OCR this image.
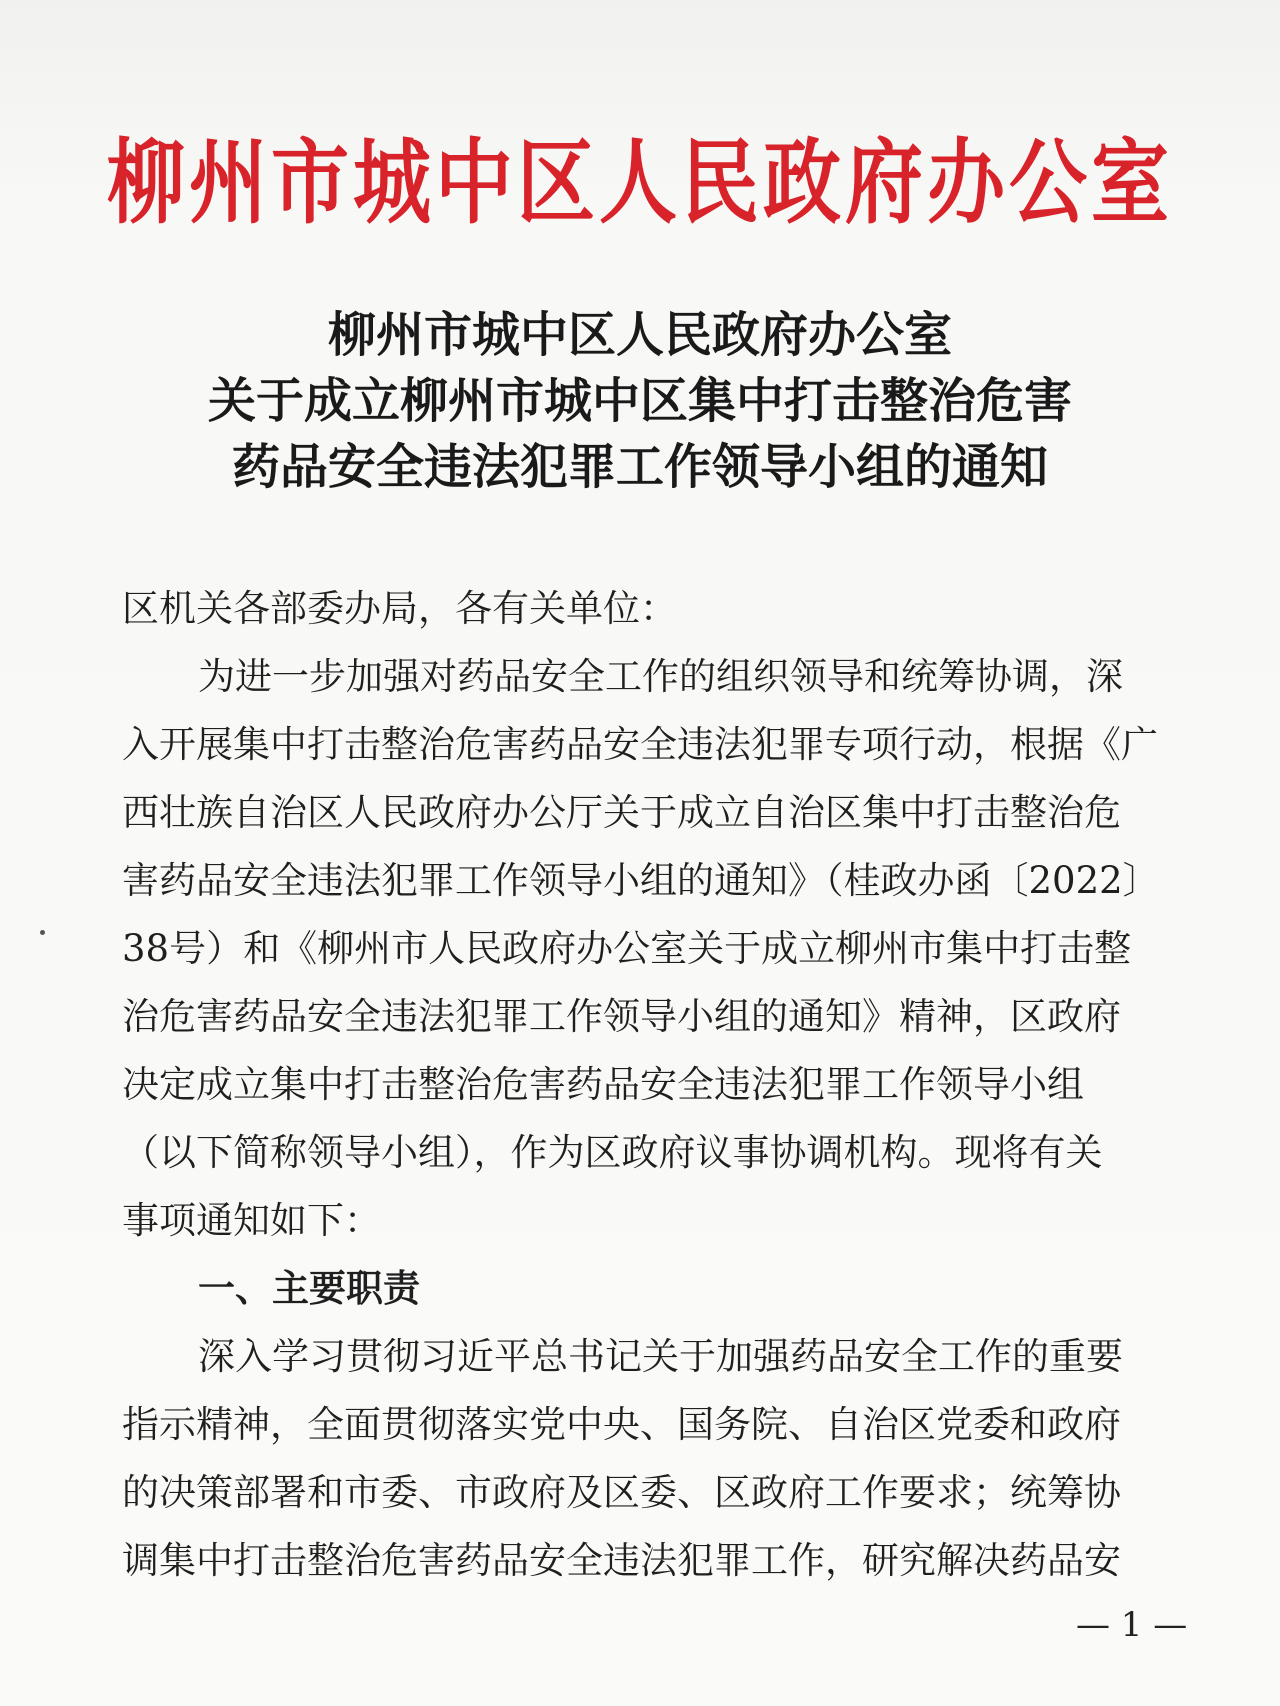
柳州市城中区人民政府办公室
柳州市城中区人民政府办公室
关于成立柳州市城中区集中打击整治危害
药品安全违法犯罪工作领导小组的通知
区机关各部委办局，各有关单位：
为进一步加强对药品安全工作的组织领导和统筹协调，深
入开展集中打击整治危害药品安全违法犯罪专项行动，根据《广
西壮族自治区人民政府办公厅关于成立自治区集中打击整治危
害药品安全违法犯罪工作领导小组的通知》（桂政办函〔2022〕
38号）和《柳州市人民政府办公室关于成立柳州市集中打击整
治危害药品安全违法犯罪工作领导小组的通知》精神，区政府
决定成立集中打击整治危害药品安全违法犯罪工作领导小组
（以下简称领导小组），作为区政府议事协调机构。现将有关
事项通知如下：
一、主要职责
深入学习贯彻习近平总书记关于加强药品安全工作的重要
指示精神，全面贯彻落实党中央、国务院、自治区党委和政府
的决策部署和市委、市政府及区委、区政府工作要求；统筹协
调集中打击整治危害药品安全违法犯罪工作，研究解决药品安
— 1 —
